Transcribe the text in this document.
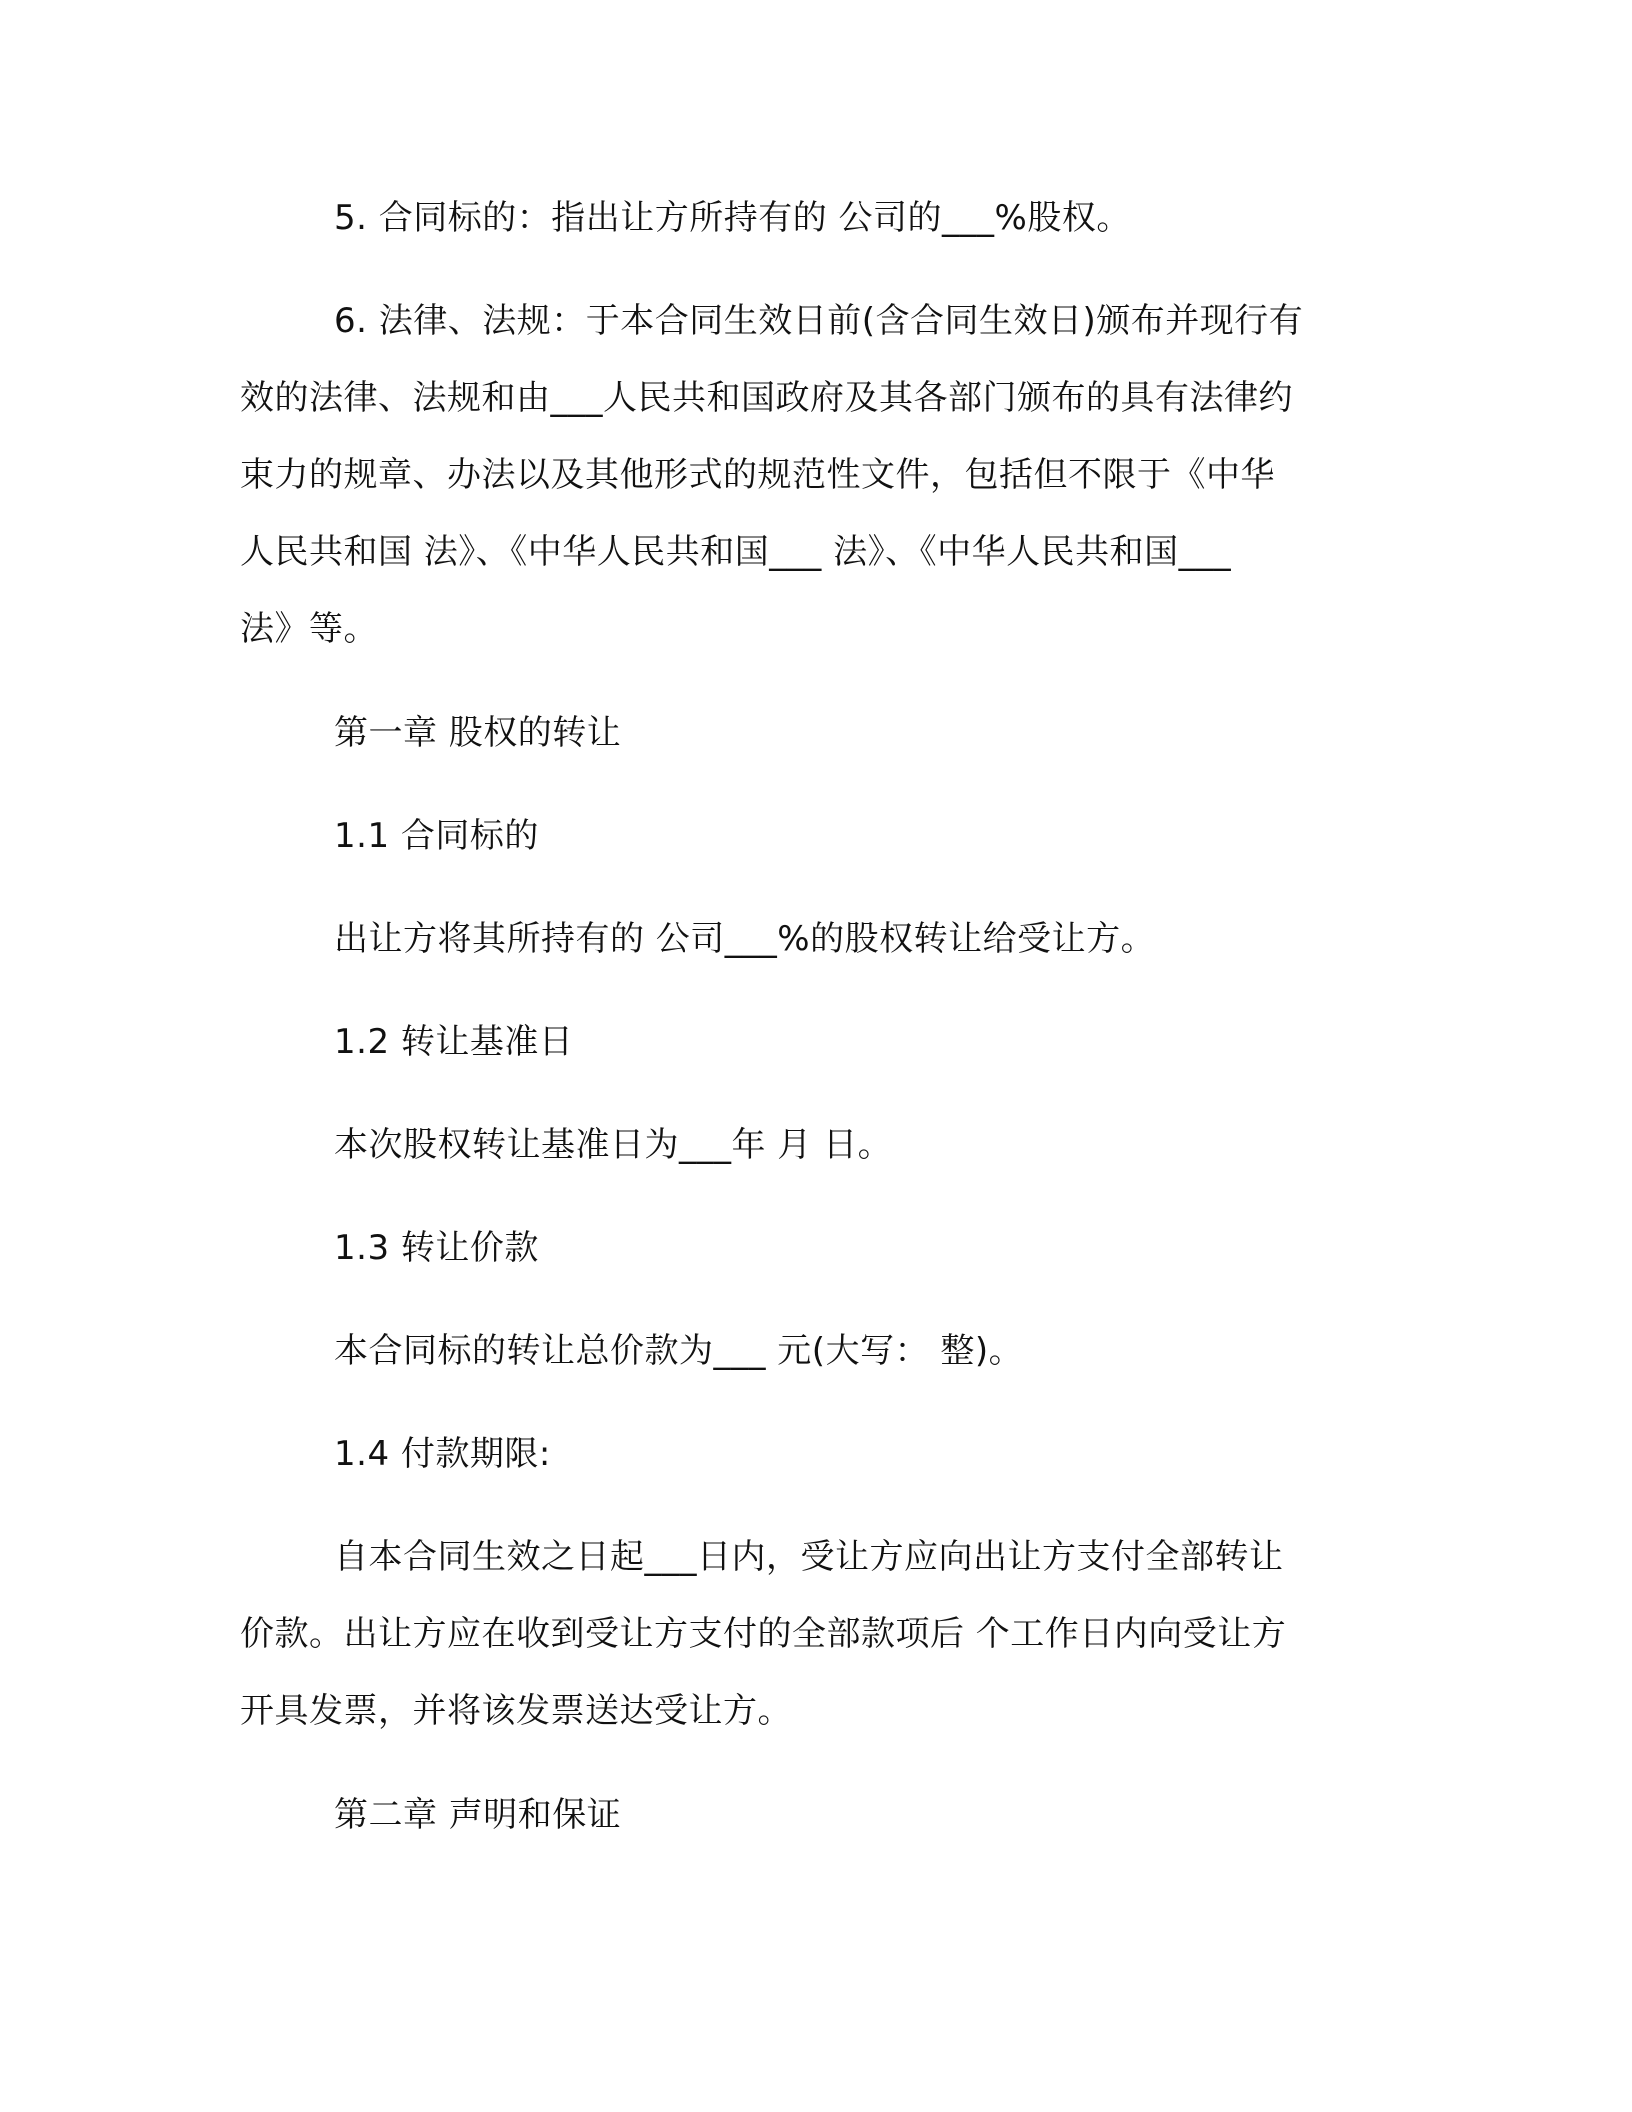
5. 合同标的：指出让方所持有的 公司的___%股权。
6. 法律、法规：于本合同生效日前(含合同生效日)颁布并现行有
效的法律、法规和由___人民共和国政府及其各部门颁布的具有法律约
束力的规章、办法以及其他形式的规范性文件，包括但不限于《中华
人民共和国 法》、《中华人民共和国___ 法》、《中华人民共和国___
法》等。
第一章 股权的转让
1.1 合同标的
出让方将其所持有的 公司___%的股权转让给受让方。
1.2 转让基准日
本次股权转让基准日为___年 月 日。
1.3 转让价款
本合同标的转让总价款为___ 元(大写： 整)。
1.4 付款期限:
自本合同生效之日起___日内，受让方应向出让方支付全部转让
价款。出让方应在收到受让方支付的全部款项后 个工作日内向受让方
开具发票，并将该发票送达受让方。
第二章 声明和保证
